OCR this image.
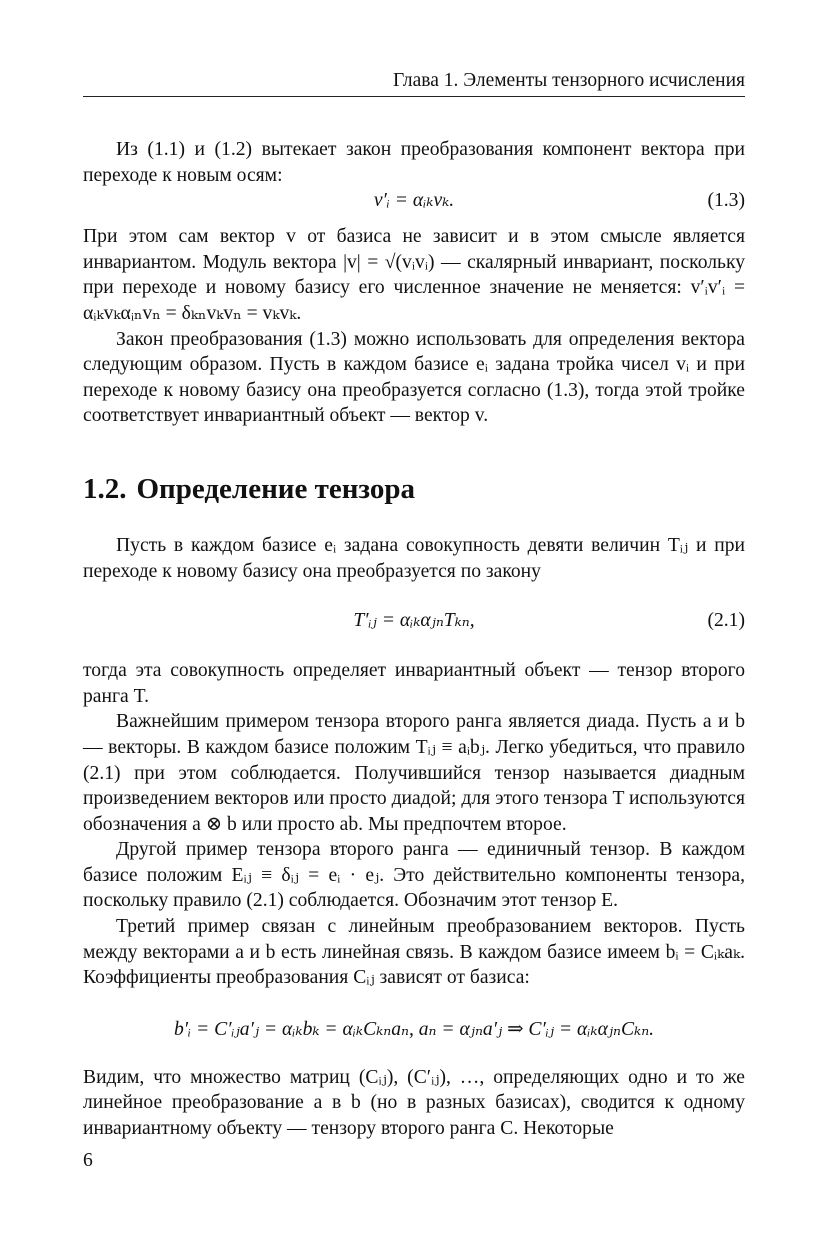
Глава 1. Элементы тензорного исчисления

Из (1.1) и (1.2) вытекает закон преобразования компонент вектора при переходе к новым осям:

v′ᵢ = αᵢₖvₖ.	(1.3)

При этом сам вектор v от базиса не зависит и в этом смысле является инвариантом. Модуль вектора |v| = √(vᵢvᵢ) — скалярный инвариант, поскольку при переходе и новому базису его численное значение не меняется: v′ᵢv′ᵢ = αᵢₖvₖαᵢₙvₙ = δₖₙvₖvₙ = vₖvₖ.

Закон преобразования (1.3) можно использовать для определения вектора следующим образом. Пусть в каждом базисе eᵢ задана тройка чисел vᵢ и при переходе к новому базису она преобразуется согласно (1.3), тогда этой тройке соответствует инвариантный объект — вектор v.

1.2. Определение тензора

Пусть в каждом базисе eᵢ задана совокупность девяти величин Tᵢⱼ и при переходе к новому базису она преобразуется по закону

T′ᵢⱼ = αᵢₖαⱼₙTₖₙ,	(2.1)

тогда эта совокупность определяет инвариантный объект — тензор второго ранга T.

Важнейшим примером тензора второго ранга является диада. Пусть a и b — векторы. В каждом базисе положим Tᵢⱼ ≡ aᵢbⱼ. Легко убедиться, что правило (2.1) при этом соблюдается. Получившийся тензор называется диадным произведением векторов или просто диадой; для этого тензора T используются обозначения a ⊗ b или просто ab. Мы предпочтем второе.

Другой пример тензора второго ранга — единичный тензор. В каждом базисе положим Eᵢⱼ ≡ δᵢⱼ = eᵢ · eⱼ. Это действительно компоненты тензора, поскольку правило (2.1) соблюдается. Обозначим этот тензор E.

Третий пример связан с линейным преобразованием векторов. Пусть между векторами a и b есть линейная связь. В каждом базисе имеем bᵢ = Cᵢₖaₖ. Коэффициенты преобразования Cᵢⱼ зависят от базиса:

b′ᵢ = C′ᵢⱼa′ⱼ = αᵢₖbₖ = αᵢₖCₖₙaₙ, aₙ = αⱼₙa′ⱼ ⇒ C′ᵢⱼ = αᵢₖαⱼₙCₖₙ.

Видим, что множество матриц (Cᵢⱼ), (C′ᵢⱼ), …, определяющих одно и то же линейное преобразование a в b (но в разных базисах), сводится к одному инвариантному объекту — тензору второго ранга C. Некоторые

6
